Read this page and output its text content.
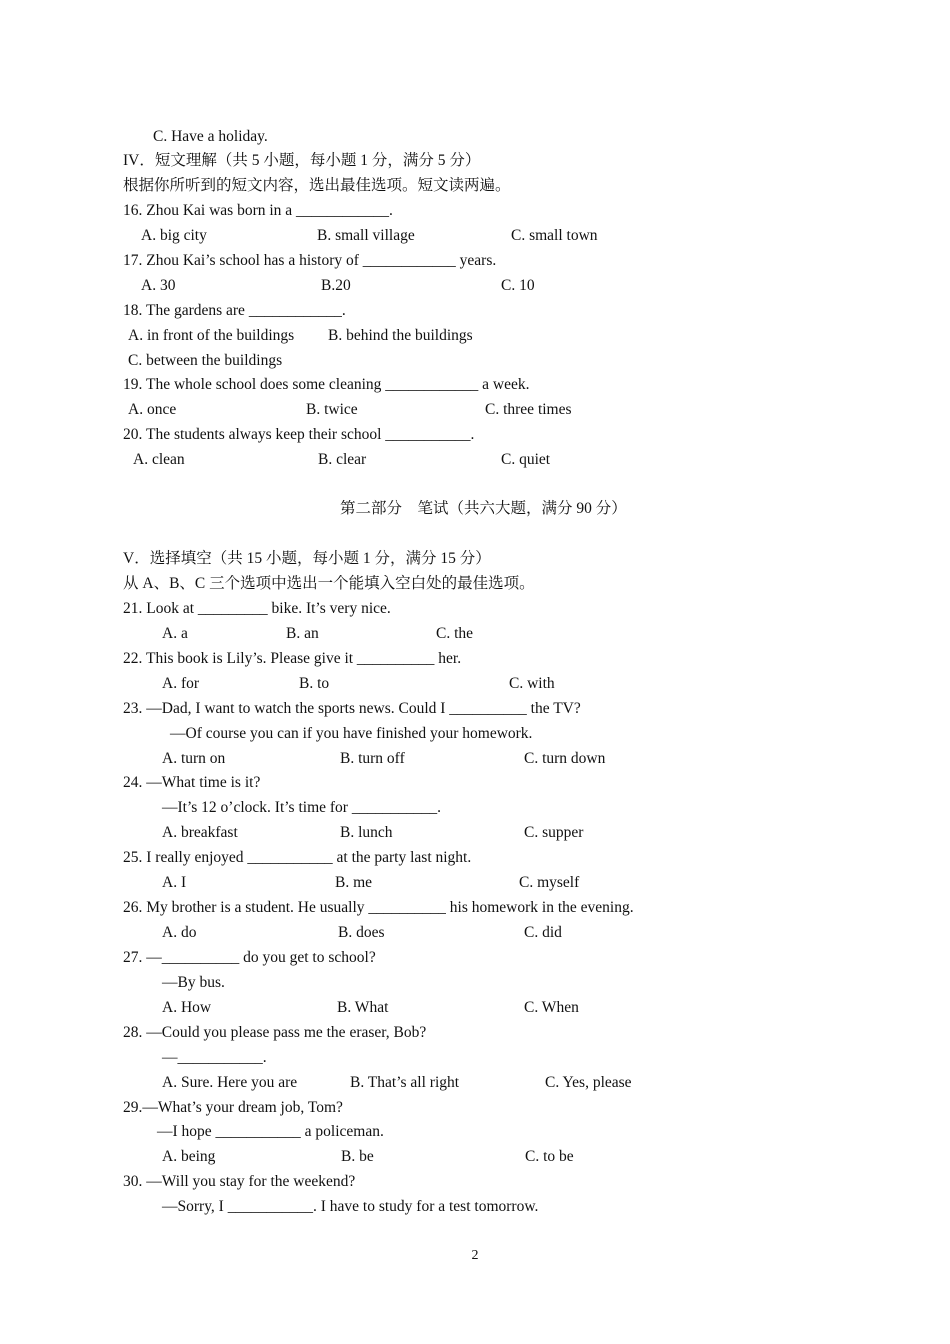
C. Have a holiday.
IV．短文理解（共 5 小题，每小题 1 分，满分 5 分）
根据你所听到的短文内容，选出最佳选项。短文读两遍。
16. Zhou Kai was born in a ____________.
A. big city	B. small village	C. small town
17. Zhou Kai’s school has a history of ____________ years.
A. 30	B.20	C. 10
18. The gardens are ____________.
A. in front of the buildings B. behind the buildings
C. between the buildings
19. The whole school does some cleaning ____________ a week.
A. once	B. twice	C. three times
20. The students always keep their school ___________.
A. clean	B. clear	C. quiet
第二部分    笔试（共六大题，满分 90 分）
V．选择填空（共 15 小题，每小题 1 分，满分 15 分）
从 A、B、C 三个选项中选出一个能填入空白处的最佳选项。
21. Look at _________ bike. It’s very nice.
A. a	B. an	C. the
22. This book is Lily’s. Please give it __________ her.
A. for	B. to	C. with
23. —Dad, I want to watch the sports news. Could I __________ the TV?
—Of course you can if you have finished your homework.
A. turn on	B. turn off	C. turn down
24. —What time is it?
—It’s 12 o’clock. It’s time for ___________.
A. breakfast	B. lunch	C. supper
25. I really enjoyed ___________ at the party last night.
A. I	B. me	C. myself
26. My brother is a student. He usually __________ his homework in the evening.
A. do	B. does	C. did
27. —__________ do you get to school?
—By bus.
A. How	B. What	C. When
28. —Could you please pass me the eraser, Bob?
—___________.
A. Sure. Here you are	B. That’s all right	C. Yes, please
29.—What’s your dream job, Tom?
—I hope ___________ a policeman.
A. being	B. be	C. to be
30. —Will you stay for the weekend?
—Sorry, I ___________. I have to study for a test tomorrow.
2
